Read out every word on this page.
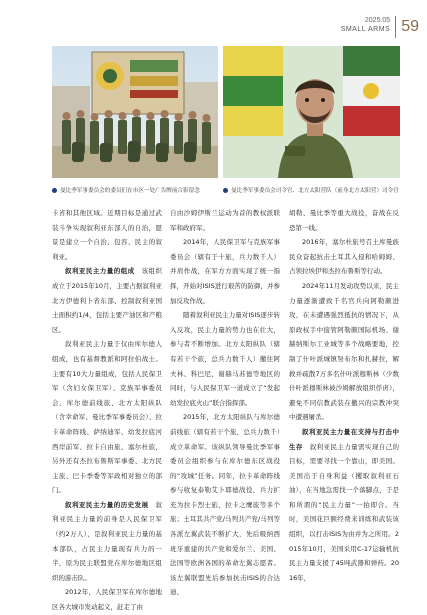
2025.05
SMALL ARMS 59
曼比季军事委员会的委员们在市区一处广告牌前合影留念	曼比季军事委员会司令官、北方太阳营队（前身北方太阳营）司令官

卡省和其他区域。近期目标是通过武装斗争实现叙利亚东部人的自治，愿景是建立一个自治、包容、民主的叙利亚。

叙利亚民主力量的组成　 该组织成立于2015年10月，主要占据叙利亚北方伊德利卜省东部、控制叙利亚国土面积约1/4，包括主要产油区和产粮区。

叙利亚民主力量于仅由库尔德人组成，也有基督教派和阿拉伯战士。主要有10大力量组成，包括人民保卫军（含妇女保卫军）、克族军事委员会、库尔德前线旅、北方太阳纵队（含幸命军、曼比季军事委员会）、拉卡革命阵线、萨纳迪军、幼发拉底河西岸前军、拉卡自由旅、塞尔杜旅，另外还有杰拉布鲁斯军事委、北方民主旅、巴卡季委等军政相对独立的部门。

叙利亚民主力量的历史发展　 叙利亚民主力量的前身是人民保卫军（约2万人），是叙利亚民主力量的基本部队，占民主力量现有兵力的一半，原为民主联盟党在库尔德地区组织的游击队。

2012年，人民保卫军在库尔德地区各大城市发动起义，赶走了由

自由沙姆伊斯兰运动为首的教权派联军和政府军。

2014年，人民保卫军与克族军事委员会（辖有于十旅，兵力数千人）并肩作战，在军方方面实现了统一指挥，开始对ISIS进行艰苦的防御，并参加反攻作战。

随着叙利亚民主力量对ISIS逐步转入反攻，民主力量的势力也在壮大，参与者不断增加。北方太阳纵队（辖有若干个旅，总兵力数千人）撤往阿夫林、科巴尼、谢赫马苏德等地区的同时，与人民保卫军一道成立了“发起幼发拉底火山”联合指挥部。

2015年，北方太阳纵队与库尔德前线旅（辖有若干个旅，总兵力数千）成立革命军。该纵队领导曼比季军事委员会组织参与在库尔德东区战役的“攻城”任务。同年，拉卡革命阵线参与收复泰勒艾卜耶德战役，兵力扩充为拉卡烈士旅、拉卡之鹰旅等多个旅；土耳其共产党/马列共产党/马列等各派左翼武装不断扩大，先后吸纳西班牙重建的共产党和爱尔兰、美国、法国等欧洲各国的革命左翼志愿者。该左翼联盟先后参加抗击ISIS的合达迪、

胡勒、曼比季等重大战役，奋战在反恐第一线。

2016年，塞尔杜旅号召土库曼族民众奋起抗击土耳其入侵和哈姆姆、占领拉埃伊和杰拉布鲁斯等行动。

2024年11月发动攻势以来，民主力量逐渐遭致千名官兵向阿勒颇进攻，在未遭遇强烈抵抗的情况下，从原政权手中接管阿勒颇国际机场、谢赫纳斯尔工业城等多个战略要地，控制了什叶派城镇努布尔和扎赫拉，解救并疏散7万多名什叶派穆斯林（少数什叶派穆斯林被沙姆解放组织俘虏），避免不同信教武装在撤兴的宗教冲突中遭遇屠杀。

叙利亚民主力量在支持与打击中生存　 叙利亚民主力量需实现自己的目标，需要寻找一个靠山，即美国。美国出于自身利益（攫取叙利亚石油），在当地急需找一个落脚点，于是和所谓的“民主力量”一拍即合。当时，美国花巨额经费来训练和武装该组织，以打击ISIS为由并为之所用。2015年10月，美国采用C-17运输机抗民主力量支援了45吨武器和弹药。2016年，
